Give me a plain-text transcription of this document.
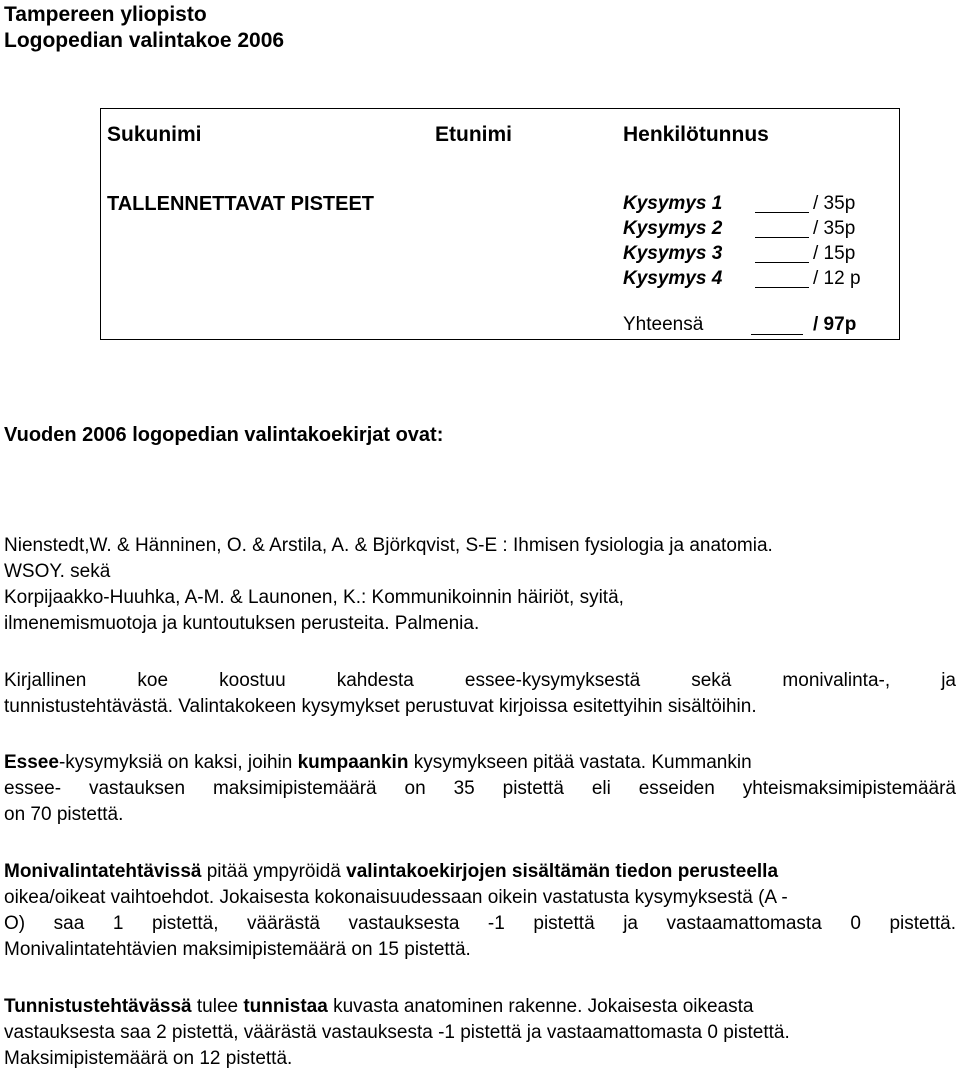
Tampereen yliopisto
Logopedian valintakoe 2006
Sukunimi	Etunimi	Henkilötunnus
TALLENNETTAVAT PISTEET	Kysymys 1	/ 35p
Kysymys 2	/ 35p
Kysymys 3	/ 15p
Kysymys 4	/ 12 p
Yhteensä	/ 97p
Vuoden 2006 logopedian valintakoekirjat ovat:
Nienstedt,W. & Hänninen, O. & Arstila, A. & Björkqvist, S-E : Ihmisen fysiologia ja anatomia.
WSOY. sekä
Korpijaakko-Huuhka, A-M. & Launonen, K.: Kommunikoinnin häiriöt, syitä,
ilmenemismuotoja ja kuntoutuksen perusteita. Palmenia.
Kirjallinen koe koostuu kahdesta essee-kysymyksestä sekä monivalinta-, ja
tunnistustehtävästä. Valintakokeen kysymykset perustuvat kirjoissa esitettyihin sisältöihin.
Essee-kysymyksiä on kaksi, joihin kumpaankin kysymykseen pitää vastata. Kummankin
essee- vastauksen maksimipistemäärä on 35 pistettä eli esseiden yhteismaksimipistemäärä
on 70 pistettä.
Monivalintatehtävissä pitää ympyröidä valintakoekirjojen sisältämän tiedon perusteella
oikea/oikeat vaihtoehdot. Jokaisesta kokonaisuudessaan oikein vastatusta kysymyksestä (A -
O) saa 1 pistettä, väärästä vastauksesta -1 pistettä ja vastaamattomasta 0 pistettä.
Monivalintatehtävien maksimipistemäärä on 15 pistettä.
Tunnistustehtävässä tulee tunnistaa kuvasta anatominen rakenne. Jokaisesta oikeasta
vastauksesta saa 2 pistettä, väärästä vastauksesta -1 pistettä ja vastaamattomasta 0 pistettä.
Maksimipistemäärä on 12 pistettä.
